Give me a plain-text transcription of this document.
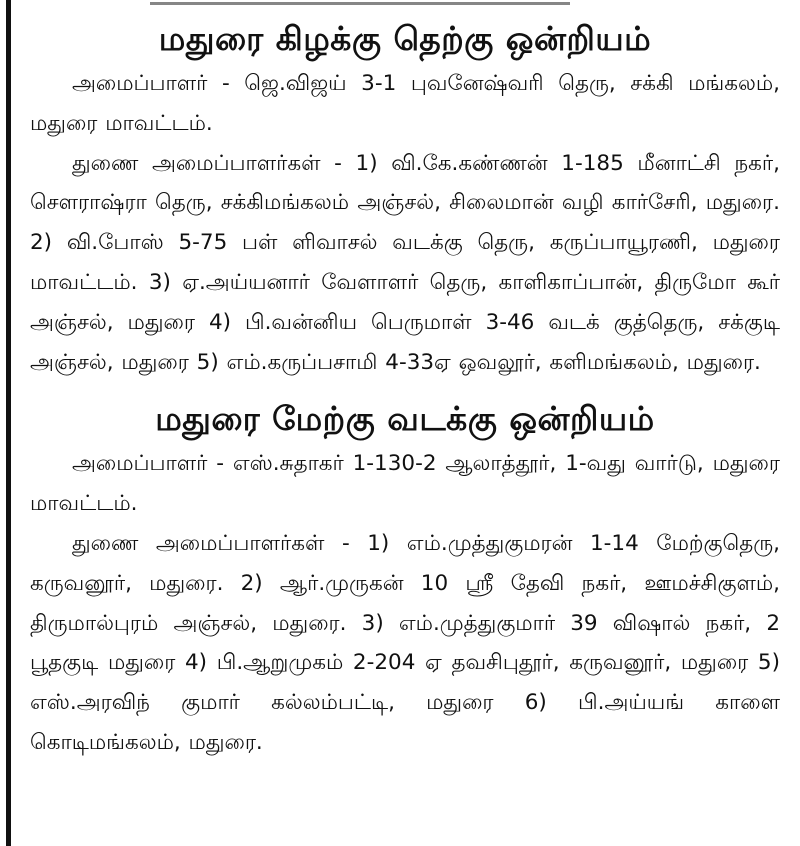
மதுரை கிழக்கு தெற்கு ஒன்றியம்

அமைப்பாளர் - ஜெ.விஜய் 3-1 புவனேஷ்வரி தெரு, சக்கி மங்கலம், மதுரை மாவட்டம்.

துணை அமைப்பாளர்கள் - 1) வி.கே.கண்ணன் 1-185 மீனாட்சி நகர், சௌராஷ்ரா தெரு, சக்கிமங்கலம் அஞ்சல், சிலைமான் வழி கார்சேரி, மதுரை. 2) வி.போஸ் 5-75 பள் ளிவாசல் வடக்கு தெரு, கருப்பாயூரணி, மதுரை மாவட்டம். 3) ஏ.அய்யனார் வேளாளர் தெரு, காளிகாப்பான், திருமோ கூர் அஞ்சல், மதுரை 4) பி.வன்னிய பெருமாள் 3-46 வடக் குத்தெரு, சக்குடி அஞ்சல், மதுரை 5) எம்.கருப்பசாமி 4-33ஏ ஒவலூர், களிமங்கலம், மதுரை.

மதுரை மேற்கு வடக்கு ஒன்றியம்

அமைப்பாளர் - எஸ்.சுதாகர் 1-130-2 ஆலாத்தூர், 1-வது வார்டு, மதுரை மாவட்டம்.

துணை அமைப்பாளர்கள் - 1) எம்.முத்துகுமரன் 1-14 மேற்குதெரு, கருவனூர், மதுரை. 2) ஆர்.முருகன் 10 ஸ்ரீ தேவி நகர், ஊமச்சிகுளம், திருமால்புரம் அஞ்சல், மதுரை. 3) எம்.முத்துகுமார் 39 விஷால் நகர், 2 பூதகுடி மதுரை 4) பி.ஆறுமுகம் 2-204 ஏ தவசிபுதூர், கருவனூர், மதுரை 5) எஸ்.அரவிந் குமார் கல்லம்பட்டி, மதுரை 6) பி.அய்யங் காளை கொடிமங்கலம், மதுரை.
